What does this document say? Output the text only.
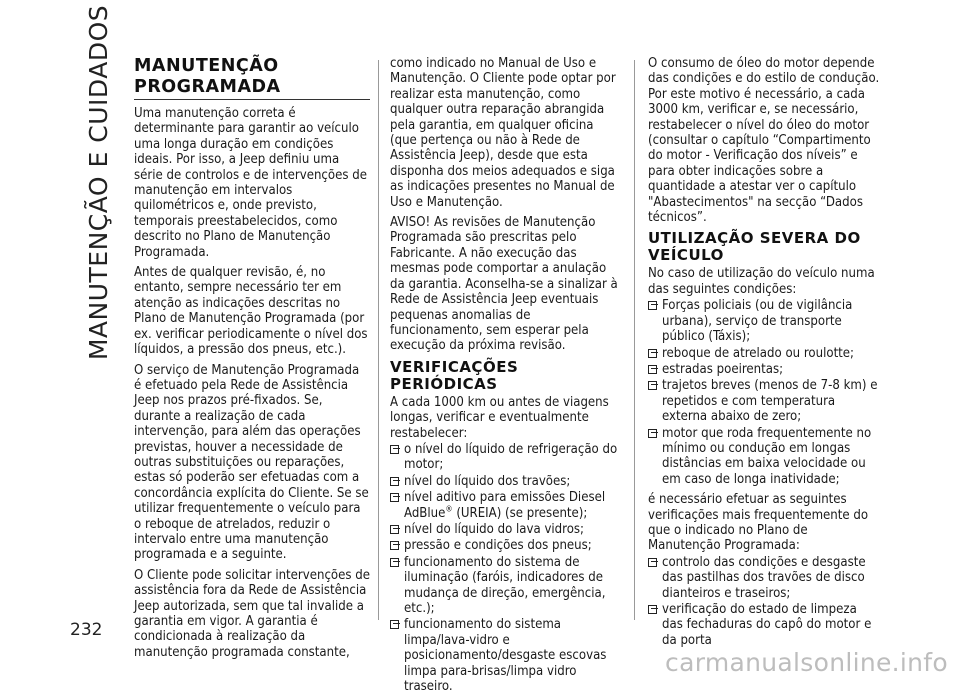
MANUTENÇÃO E CUIDADOS
232
MANUTENÇÃO

PROGRAMADA

Uma manutenção correta é determinante para garantir ao veículo uma longa duração em condições ideais. Por isso, a Jeep definiu uma série de controlos e de intervenções de manutenção em intervalos quilométricos e, onde previsto, temporais preestabelecidos, como descrito no Plano de Manutenção Programada.

Antes de qualquer revisão, é, no entanto, sempre necessário ter em atenção as indicações descritas no Plano de Manutenção Programada (por ex. verificar periodicamente o nível dos líquidos, a pressão dos pneus, etc.).

O serviço de Manutenção Programada é efetuado pela Rede de Assistência Jeep nos prazos pré-fixados. Se, durante a realização de cada intervenção, para além das operações previstas, houver a necessidade de outras substituições ou reparações, estas só poderão ser efetuadas com a concordância explícita do Cliente. Se se utilizar frequentemente o veículo para o reboque de atrelados, reduzir o intervalo entre uma manutenção programada e a seguinte.

O Cliente pode solicitar intervenções de assistência fora da Rede de Assistência Jeep autorizada, sem que tal invalide a garantia em vigor. A garantia é condicionada à realização da manutenção programada constante,

como indicado no Manual de Uso e Manutenção. O Cliente pode optar por realizar esta manutenção, como qualquer outra reparação abrangida pela garantia, em qualquer oficina (que pertença ou não à Rede de Assistência Jeep), desde que esta disponha dos meios adequados e siga as indicações presentes no Manual de Uso e Manutenção.

AVISO! As revisões de Manutenção Programada são prescritas pelo Fabricante. A não execução das mesmas pode comportar a anulação da garantia. Aconselha-se a sinalizar à Rede de Assistência Jeep eventuais pequenas anomalias de funcionamento, sem esperar pela execução da próxima revisão.

VERIFICAÇÕES PERIÓDICAS

A cada 1000 km ou antes de viagens longas, verificar e eventualmente restabelecer:

o nível do líquido de refrigeração do motor;
nível do líquido dos travões;
nível aditivo para emissões Diesel AdBlue® (UREIA) (se presente);
nível do líquido do lava vidros;
pressão e condições dos pneus;
funcionamento do sistema de iluminação (faróis, indicadores de mudança de direção, emergência, etc.);
funcionamento do sistema limpa/lava-vidro e posicionamento/desgaste escovas limpa para-brisas/limpa vidro traseiro.

O consumo de óleo do motor depende das condições e do estilo de condução. Por este motivo é necessário, a cada 3000 km, verificar e, se necessário, restabelecer o nível do óleo do motor (consultar o capítulo “Compartimento do motor - Verificação dos níveis” e para obter indicações sobre a quantidade a atestar ver o capítulo "Abastecimentos" na secção “Dados técnicos”.

UTILIZAÇÃO SEVERA DO
VEÍCULO

No caso de utilização do veículo numa das seguintes condições:

Forças policiais (ou de vigilância urbana), serviço de transporte público (Táxis);
reboque de atrelado ou roulotte;
estradas poeirentas;
trajetos breves (menos de 7-8 km) e repetidos e com temperatura externa abaixo de zero;
motor que roda frequentemente no mínimo ou condução em longas distâncias em baixa velocidade ou em caso de longa inatividade;

é necessário efetuar as seguintes verificações mais frequentemente do que o indicado no Plano de Manutenção Programada:

controlo das condições e desgaste das pastilhas dos travões de disco dianteiros e traseiros;
verificação do estado de limpeza das fechaduras do capô do motor e da porta
carmanualsonline.info
